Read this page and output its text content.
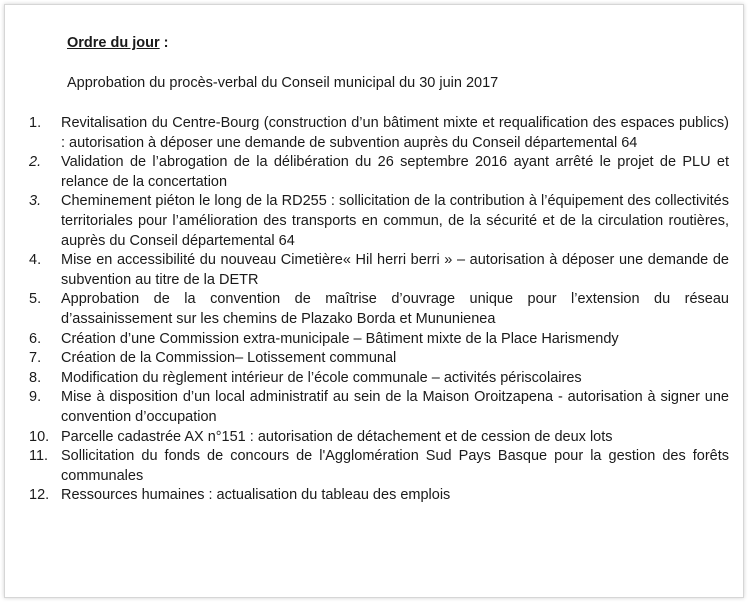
Ordre du jour :

Approbation du procès-verbal du Conseil municipal du 30 juin 2017

1.	Revitalisation du Centre-Bourg (construction d’un bâtiment mixte et requalification des espaces publics) : autorisation à déposer une demande de subvention auprès du Conseil départemental 64
2.	Validation de l’abrogation de la délibération du 26 septembre 2016 ayant arrêté le projet de PLU et relance de la concertation
3.	Cheminement piéton le long de la RD255 : sollicitation de la contribution à l’équipement des collectivités territoriales pour l’amélioration des transports en commun, de la sécurité et de la circulation routières, auprès du Conseil départemental 64
4.	Mise en accessibilité du nouveau Cimetière« Hil herri berri » – autorisation à déposer une demande de subvention au titre de la DETR
5.	Approbation de la convention de maîtrise d’ouvrage unique pour l’extension du réseau d’assainissement sur les chemins de Plazako Borda et Mununienea
6.	Création d’une Commission extra-municipale – Bâtiment mixte de la Place Harismendy
7.	Création de la Commission– Lotissement communal
8.	Modification du règlement intérieur de l’école communale – activités périscolaires
9.	Mise à disposition d’un local administratif au sein de la Maison Oroitzapena - autorisation à signer une convention d’occupation
10. Parcelle cadastrée AX n°151 : autorisation de détachement et de cession de deux lots
11. Sollicitation du fonds de concours de l'Agglomération Sud Pays Basque pour la gestion des forêts communales
12. Ressources humaines : actualisation du tableau des emplois
